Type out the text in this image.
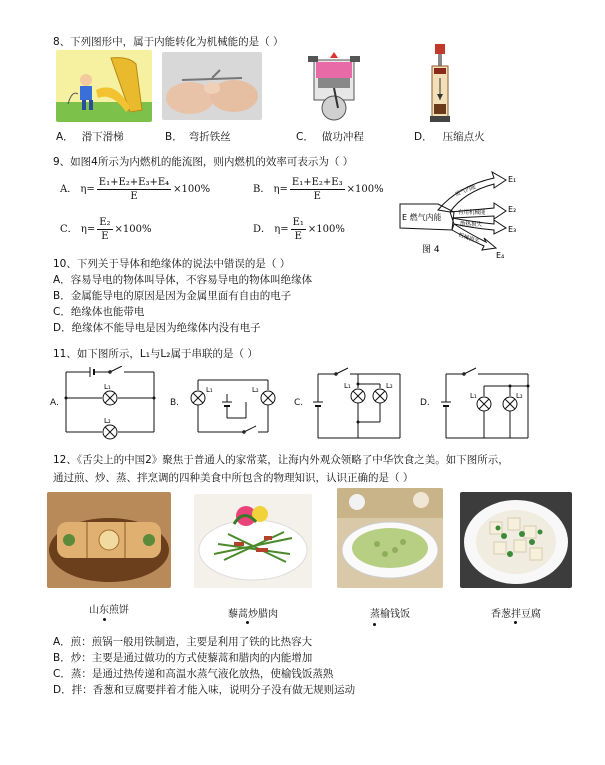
8、下列图形中，属于内能转化为机械能的是（ ）
A． 滑下滑梯	B． 弯折铁丝	C． 做功冲程	D． 压缩点火
9、如图4所示为内燃机的能流图，则内燃机的效率可表示为（ ）
A． $\eta= \frac{\text{E₁+E₂+E₃+E₄}}{E} \times 100\%$	B． $\eta= \frac{\text{E₁+E₂+E₃}}{E} \times 100\%$
C． $\eta= \frac{\text{E₂}}{E} \times 100\%$	D． $\eta= \frac{\text{E₁}}{E} \times 100\%$
E 燃气内能
废气内能
有用机械能
散热损失
机械损失
E₁
E₂
E₃
E₄
图 4
10、下列关于导体和绝缘体的说法中错误的是（ ）
A．容易导电的物体叫导体，不容易导电的物体叫绝缘体
B．金属能导电的原因是因为金属里面有自由的电子
C．绝缘体也能带电
D．绝缘体不能导电是因为绝缘体内没有电子
11、如下图所示，L₁与L₂属于串联的是（ ）
A.
L₁
L₂
B.
L₁	L₂
C.
L₁	L₂
D.
L₁	L₂
12、《舌尖上的中国2》聚焦于普通人的家常菜，让海内外观众领略了中华饮食之美。如下图所示，
通过煎、炒、蒸、拌烹调的四种美食中所包含的物理知识，认识正确的是（ ）
山东煎饼	藜蒿炒腊肉	蒸榆钱饭	香葱拌豆腐
A．煎：煎锅一般用铁制造，主要是利用了铁的比热容大
B．炒：主要是通过做功的方式使藜蒿和腊肉的内能增加
C．蒸：是通过热传递和高温水蒸气液化放热，使榆钱饭蒸熟
D．拌：香葱和豆腐要拌着才能入味，说明分子没有做无规则运动
